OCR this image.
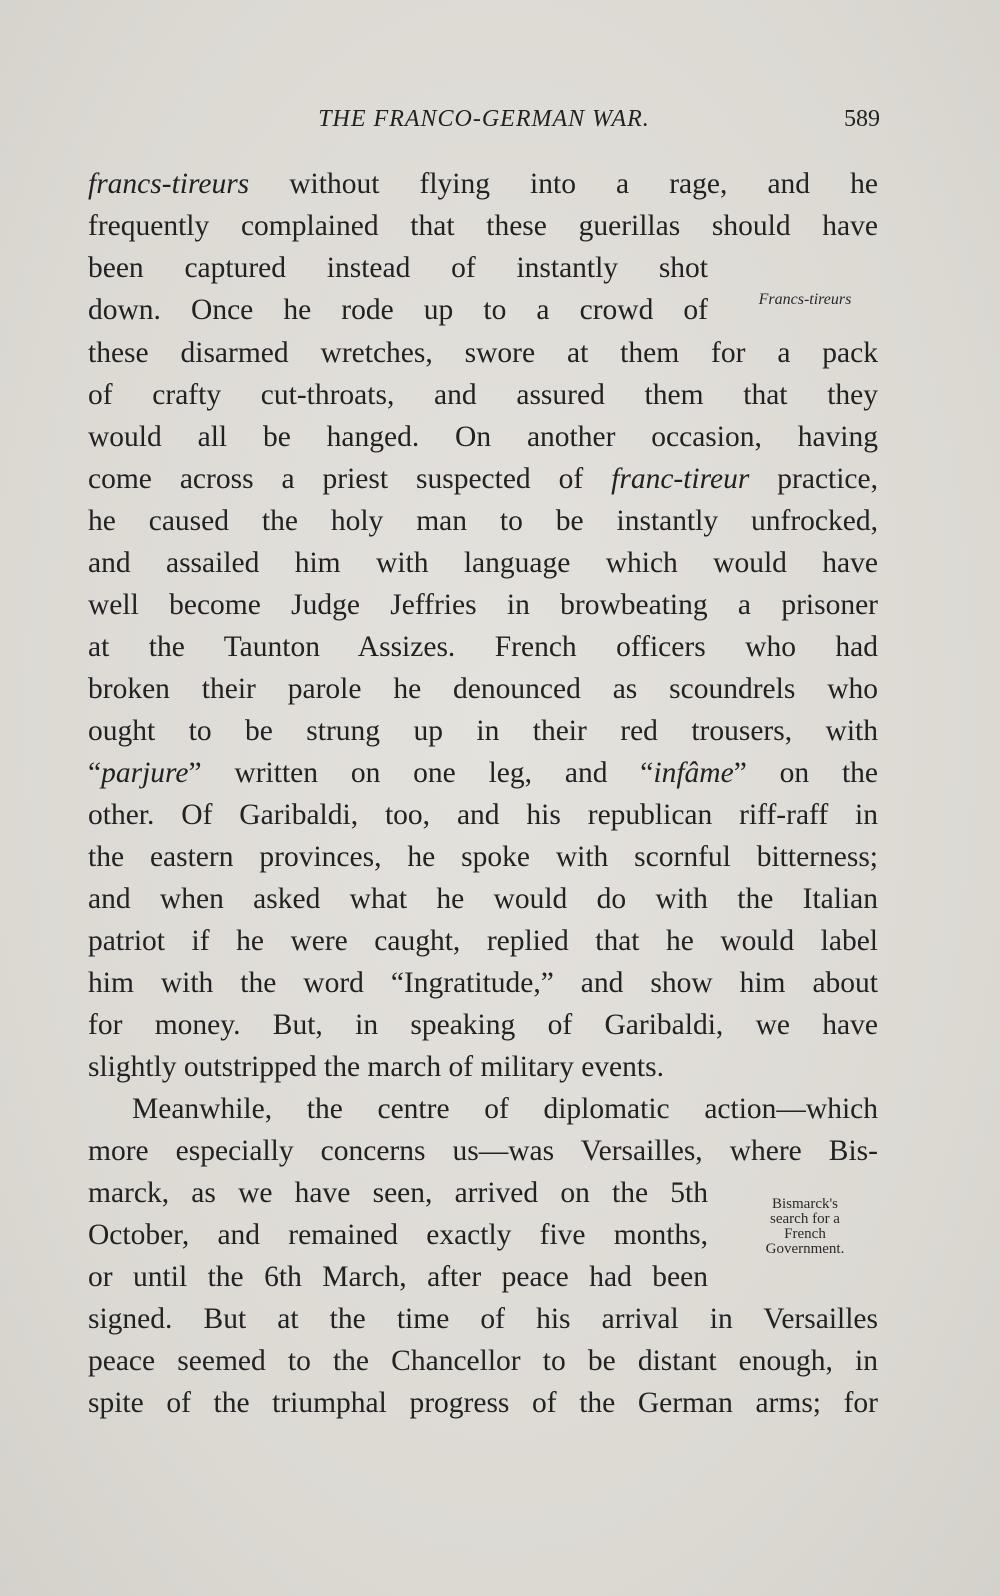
THE FRANCO-GERMAN WAR.	589
francs-tireurs without flying into a rage, and he
frequently complained that these guerillas should have
been captured instead of instantly shot
down. Once he rode up to a crowd of
these disarmed wretches, swore at them for a pack
of crafty cut-throats, and assured them that they
would all be hanged. On another occasion, having
come across a priest suspected of franc-tireur practice,
he caused the holy man to be instantly unfrocked,
and assailed him with language which would have
well become Judge Jeffries in browbeating a prisoner
at the Taunton Assizes. French officers who had
broken their parole he denounced as scoundrels who
ought to be strung up in their red trousers, with
“parjure” written on one leg, and “infâme” on the
other. Of Garibaldi, too, and his republican riff-raff in
the eastern provinces, he spoke with scornful bitterness;
and when asked what he would do with the Italian
patriot if he were caught, replied that he would label
him with the word “Ingratitude,” and show him about
for money. But, in speaking of Garibaldi, we have
slightly outstripped the march of military events.
Meanwhile, the centre of diplomatic action—which
more especially concerns us—was Versailles, where Bis-
marck, as we have seen, arrived on the 5th
October, and remained exactly five months,
or until the 6th March, after peace had been
signed. But at the time of his arrival in Versailles
peace seemed to the Chancellor to be distant enough, in
spite of the triumphal progress of the German arms; for
Francs-tireurs
Bismarck's
search for a
French
Government.
